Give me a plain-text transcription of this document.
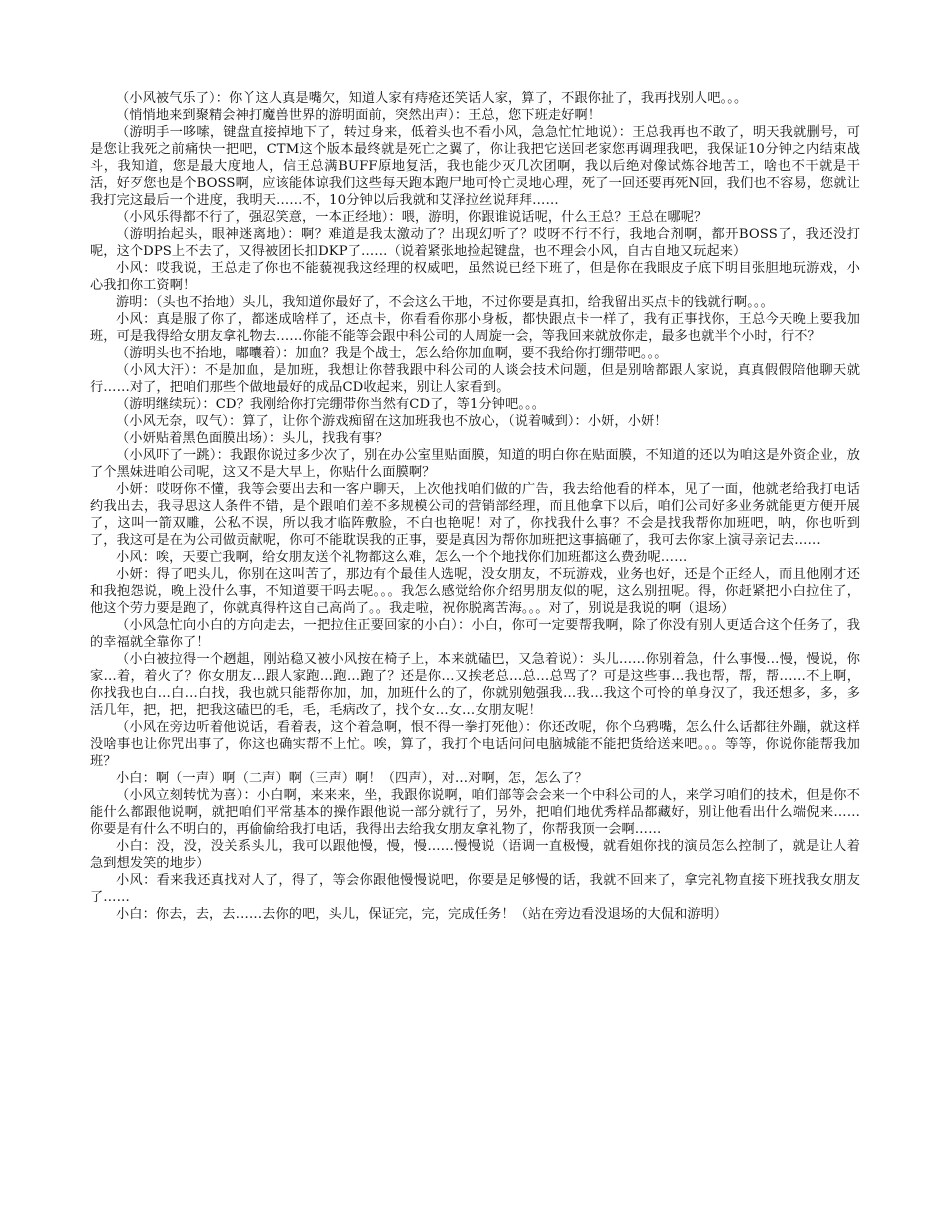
（小风被气乐了）：你丫这人真是嘴欠，知道人家有痔疮还笑话人家，算了，不跟你扯了，我再找别人吧。。。

（悄悄地来到聚精会神打魔兽世界的游明面前，突然出声）：王总，您下班走好啊！

（游明手一哆嗦，键盘直接掉地下了，转过身来，低着头也不看小风，急急忙忙地说）：王总我再也不敢了，明天我就删号，可是您让我死之前痛快一把吧，CTM这个版本最终就是死亡之翼了，你让我把它送回老家您再调理我吧，我保证10分钟之内结束战斗，我知道，您是最大度地人，信王总满BUFF原地复活，我也能少灭几次团啊，我以后绝对像试炼谷地苦工，啥也不干就是干活，好歹您也是个BOSS啊，应该能体谅我们这些每天跑本跑尸地可怜亡灵地心理，死了一回还要再死N回，我们也不容易，您就让我打完这最后一个进度，我明天……不，10分钟以后我就和艾泽拉丝说拜拜……

（小风乐得都不行了，强忍笑意，一本正经地）：喂，游明，你跟谁说话呢，什么王总？王总在哪呢？

（游明抬起头，眼神迷离地）：啊？难道是我太激动了？出现幻听了？哎呀不行不行，我地合剂啊，都开BOSS了，我还没打呢，这个DPS上不去了，又得被团长扣DKP了……（说着紧张地捡起键盘，也不理会小风，自古自地又玩起来）

小风：哎我说，王总走了你也不能藐视我这经理的权威吧，虽然说已经下班了，但是你在我眼皮子底下明目张胆地玩游戏，小心我扣你工资啊！

游明：（头也不抬地）头儿，我知道你最好了，不会这么干地，不过你要是真扣，给我留出买点卡的钱就行啊。。。

小风：真是服了你了，都迷成啥样了，还点卡，你看看你那小身板，都快跟点卡一样了，我有正事找你，王总今天晚上要我加班，可是我得给女朋友拿礼物去……你能不能等会跟中科公司的人周旋一会，等我回来就放你走，最多也就半个小时，行不？

（游明头也不抬地，嘟囔着）：加血？我是个战士，怎么给你加血啊，要不我给你打绷带吧。。。

（小风大汗）：不是加血，是加班，我想让你替我跟中科公司的人谈会技术问题，但是别啥都跟人家说，真真假假陪他聊天就行……对了，把咱们那些个做地最好的成品CD收起来，别让人家看到。

（游明继续玩）：CD？我刚给你打完绷带你当然有CD了，等1分钟吧。。。

（小风无奈，叹气）：算了，让你个游戏痴留在这加班我也不放心，（说着喊到）：小妍，小妍！

（小妍贴着黑色面膜出场）：头儿，找我有事？

（小风吓了一跳）：我跟你说过多少次了，别在办公室里贴面膜，知道的明白你在贴面膜，不知道的还以为咱这是外资企业，放了个黑妹进咱公司呢，这又不是大早上，你贴什么面膜啊？

小妍：哎呀你不懂，我等会要出去和一客户聊天，上次他找咱们做的广告，我去给他看的样本，见了一面，他就老给我打电话约我出去，我寻思这人条件不错，是个跟咱们差不多规模公司的营销部经理，而且他拿下以后，咱们公司好多业务就能更方便开展了，这叫一箭双雕，公私不误，所以我才临阵敷脸，不白也艳呢！对了，你找我什么事？不会是找我帮你加班吧，呐，你也听到了，我这可是在为公司做贡献呢，你可不能耽误我的正事，要是真因为帮你加班把这事搞砸了，我可去你家上演寻亲记去……

小风：唉，天要亡我啊，给女朋友送个礼物都这么难，怎么一个个地找你们加班都这么费劲呢……

小妍：得了吧头儿，你别在这叫苦了，那边有个最佳人选呢，没女朋友，不玩游戏，业务也好，还是个正经人，而且他刚才还和我抱怨说，晚上没什么事，不知道要干吗去呢。。。我怎么感觉给你介绍男朋友似的呢，这么别扭呢。得，你赶紧把小白拉住了，他这个劳力要是跑了，你就真得杵这自己高尚了。。我走啦，祝你脱离苦海。。。对了，别说是我说的啊（退场）

（小风急忙向小白的方向走去，一把拉住正要回家的小白）：小白，你可一定要帮我啊，除了你没有别人更适合这个任务了，我的幸福就全靠你了！

（小白被拉得一个趔趄，刚站稳又被小风按在椅子上，本来就磕巴，又急着说）：头儿……你别着急，什么事慢…慢，慢说，你家…着，着火了？你女朋友…跟人家跑…跑…跑了？还是你…又挨老总…总…总骂了？可是这些事…我也帮，帮，帮……不上啊，你找我也白…白…白找，我也就只能帮你加，加，加班什么的了，你就别勉强我…我…我这个可怜的单身汉了，我还想多，多，多活几年，把，把，把我这磕巴的毛，毛，毛病改了，找个女…女…女朋友呢！

（小风在旁边听着他说话，看着表，这个着急啊，恨不得一拳打死他）：你还改呢，你个乌鸦嘴，怎么什么话都往外蹦，就这样没啥事也让你咒出事了，你这也确实帮不上忙。唉，算了，我打个电话问问电脑城能不能把货给送来吧。。。等等，你说你能帮我加班？

小白：啊（一声）啊（二声）啊（三声）啊！（四声），对…对啊，怎，怎么了？

（小风立刻转忧为喜）：小白啊，来来来，坐，我跟你说啊，咱们部等会会来一个中科公司的人，来学习咱们的技术，但是你不能什么都跟他说啊，就把咱们平常基本的操作跟他说一部分就行了，另外，把咱们地优秀样品都藏好，别让他看出什么端倪来……你要是有什么不明白的，再偷偷给我打电话，我得出去给我女朋友拿礼物了，你帮我顶一会啊……

小白：没，没，没关系头儿，我可以跟他慢，慢，慢……慢慢说（语调一直极慢，就看姐你找的演员怎么控制了，就是让人着急到想发笑的地步）

小风：看来我还真找对人了，得了，等会你跟他慢慢说吧，你要是足够慢的话，我就不回来了，拿完礼物直接下班找我女朋友了……

小白：你去，去，去……去你的吧，头儿，保证完，完，完成任务！（站在旁边看没退场的大侃和游明）
